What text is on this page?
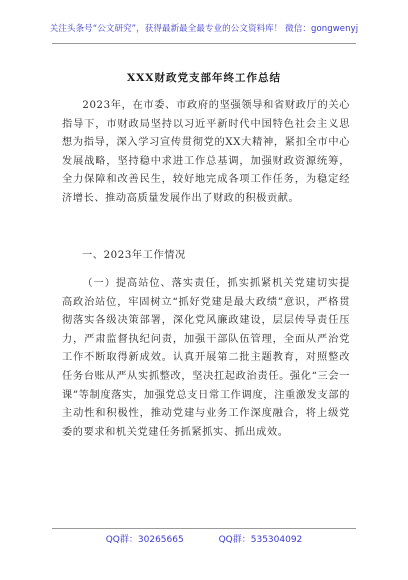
关注头条号“公文研究”，获得最新最全最专业的公文资料库！ 微信：gongwenyj
XXX财政党支部年终工作总结

2023年，在市委、市政府的坚强领导和省财政厅的关心指导下，市财政局坚持以习近平新时代中国特色社会主义思想为指导，深入学习宣传贯彻党的XX大精神，紧扣全市中心发展战略，坚持稳中求进工作总基调，加强财政资源统筹，全力保障和改善民生，较好地完成各项工作任务，为稳定经济增长、推动高质量发展作出了财政的积极贡献。

一、2023年工作情况

（一）提高站位、落实责任，抓实抓紧机关党建切实提高政治站位，牢固树立“抓好党建是最大政绩”意识，严格贯彻落实各级决策部署，深化党风廉政建设，层层传导责任压力，严肃监督执纪问责，加强干部队伍管理，全面从严治党工作不断取得新成效。认真开展第二批主题教育，对照整改任务台账从严从实抓整改，坚决扛起政治责任。强化“三会一课”等制度落实，加强党总支日常工作调度，注重激发支部的主动性和积极性，推动党建与业务工作深度融合，将上级党委的要求和机关党建任务抓紧抓实、抓出成效。

QQ群：30265665	QQ群：535304092
